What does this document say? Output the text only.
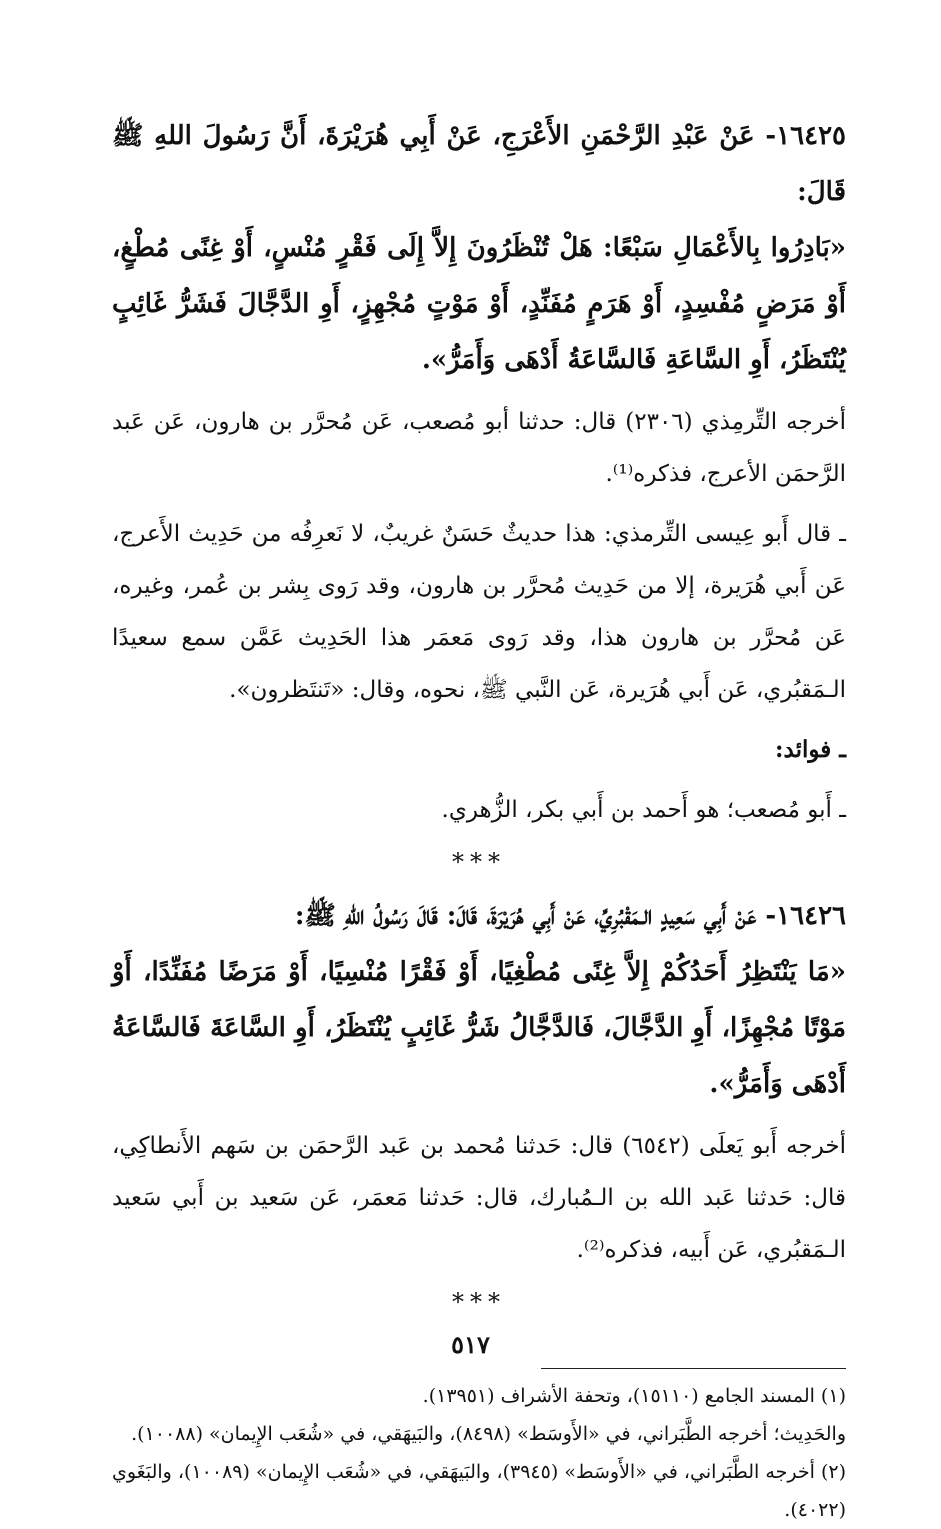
١٦٤٢٥- عَنْ عَبْدِ الرَّحْمَنِ الأَعْرَجِ، عَنْ أَبِي هُرَيْرَةَ، أَنَّ رَسُولَ اللهِ ﷺ قَالَ:

«بَادِرُوا بِالأَعْمَالِ سَبْعًا: هَلْ تُنْظَرُونَ إِلاَّ إِلَى فَقْرٍ مُنْسٍ، أَوْ غِنًى مُطْغٍ، أَوْ مَرَضٍ مُفْسِدٍ، أَوْ هَرَمٍ مُفَنِّدٍ، أَوْ مَوْتٍ مُجْهِزٍ، أَوِ الدَّجَّالَ فَشَرُّ غَائِبٍ يُنْتَظَرُ، أَوِ السَّاعَةِ فَالسَّاعَةُ أَدْهَى وَأَمَرُّ».

أخرجه التِّرمِذي (٢٣٠٦) قال: حدثنا أبو مُصعب، عَن مُحرَّر بن هارون، عَن عَبد الرَّحمَن الأعرج، فذكره⁽¹⁾.

ـ قال أَبو عِيسى التِّرمذي: هذا حديثٌ حَسَنٌ غريبٌ، لا نَعرِفُه من حَدِيث الأَعرج، عَن أَبي هُرَيرة، إلا من حَدِيث مُحرَّر بن هارون، وقد رَوى بِشر بن عُمر، وغيره، عَن مُحرَّر بن هارون هذا، وقد رَوى مَعمَر هذا الحَدِيث عَمَّن سمع سعيدًا الـمَقبُري، عَن أَبي هُرَيرة، عَن النَّبي ﷺ، نحوه، وقال: «تَنتَظرون».

ـ فوائد:

ـ أَبو مُصعب؛ هو أَحمد بن أَبي بكر، الزُّهري.

***

١٦٤٢٦- عَنْ أَبِي سَعِيدٍ الـمَقْبُرِيِّ، عَنْ أَبِي هُرَيْرَةَ، قَالَ: قَالَ رَسُولُ اللهِ ﷺ:

«مَا يَنْتَظِرُ أَحَدُكُمْ إِلاَّ غِنًى مُطْغِيًا، أَوْ فَقْرًا مُنْسِيًا، أَوْ مَرَضًا مُفَنِّدًا، أَوْ مَوْتًا مُجْهِزًا، أَوِ الدَّجَّالَ، فَالدَّجَّالُ شَرُّ غَائِبٍ يُنْتَظَرُ، أَوِ السَّاعَةَ فَالسَّاعَةُ أَدْهَى وَأَمَرُّ».

أخرجه أَبو يَعلَى (٦٥٤٢) قال: حَدثنا مُحمد بن عَبد الرَّحمَن بن سَهم الأَنطاكِي، قال: حَدثنا عَبد الله بن الـمُبارك، قال: حَدثنا مَعمَر، عَن سَعيد بن أَبي سَعيد الـمَقبُري، عَن أَبيه، فذكره⁽²⁾.

***

(١) المسند الجامع (١٥١١٠)، وتحفة الأشراف (١٣٩٥١).

والحَدِيث؛ أخرجه الطَّبَراني، في «الأَوسَط» (٨٤٩٨)، والبَيهَقي، في «شُعَب الإِيمان» (١٠٠٨٨).

(٢) أخرجه الطَّبَراني، في «الأَوسَط» (٣٩٤٥)، والبَيهَقي، في «شُعَب الإِيمان» (١٠٠٨٩)، والبَغَوي (٤٠٢٢).

٥١٧
